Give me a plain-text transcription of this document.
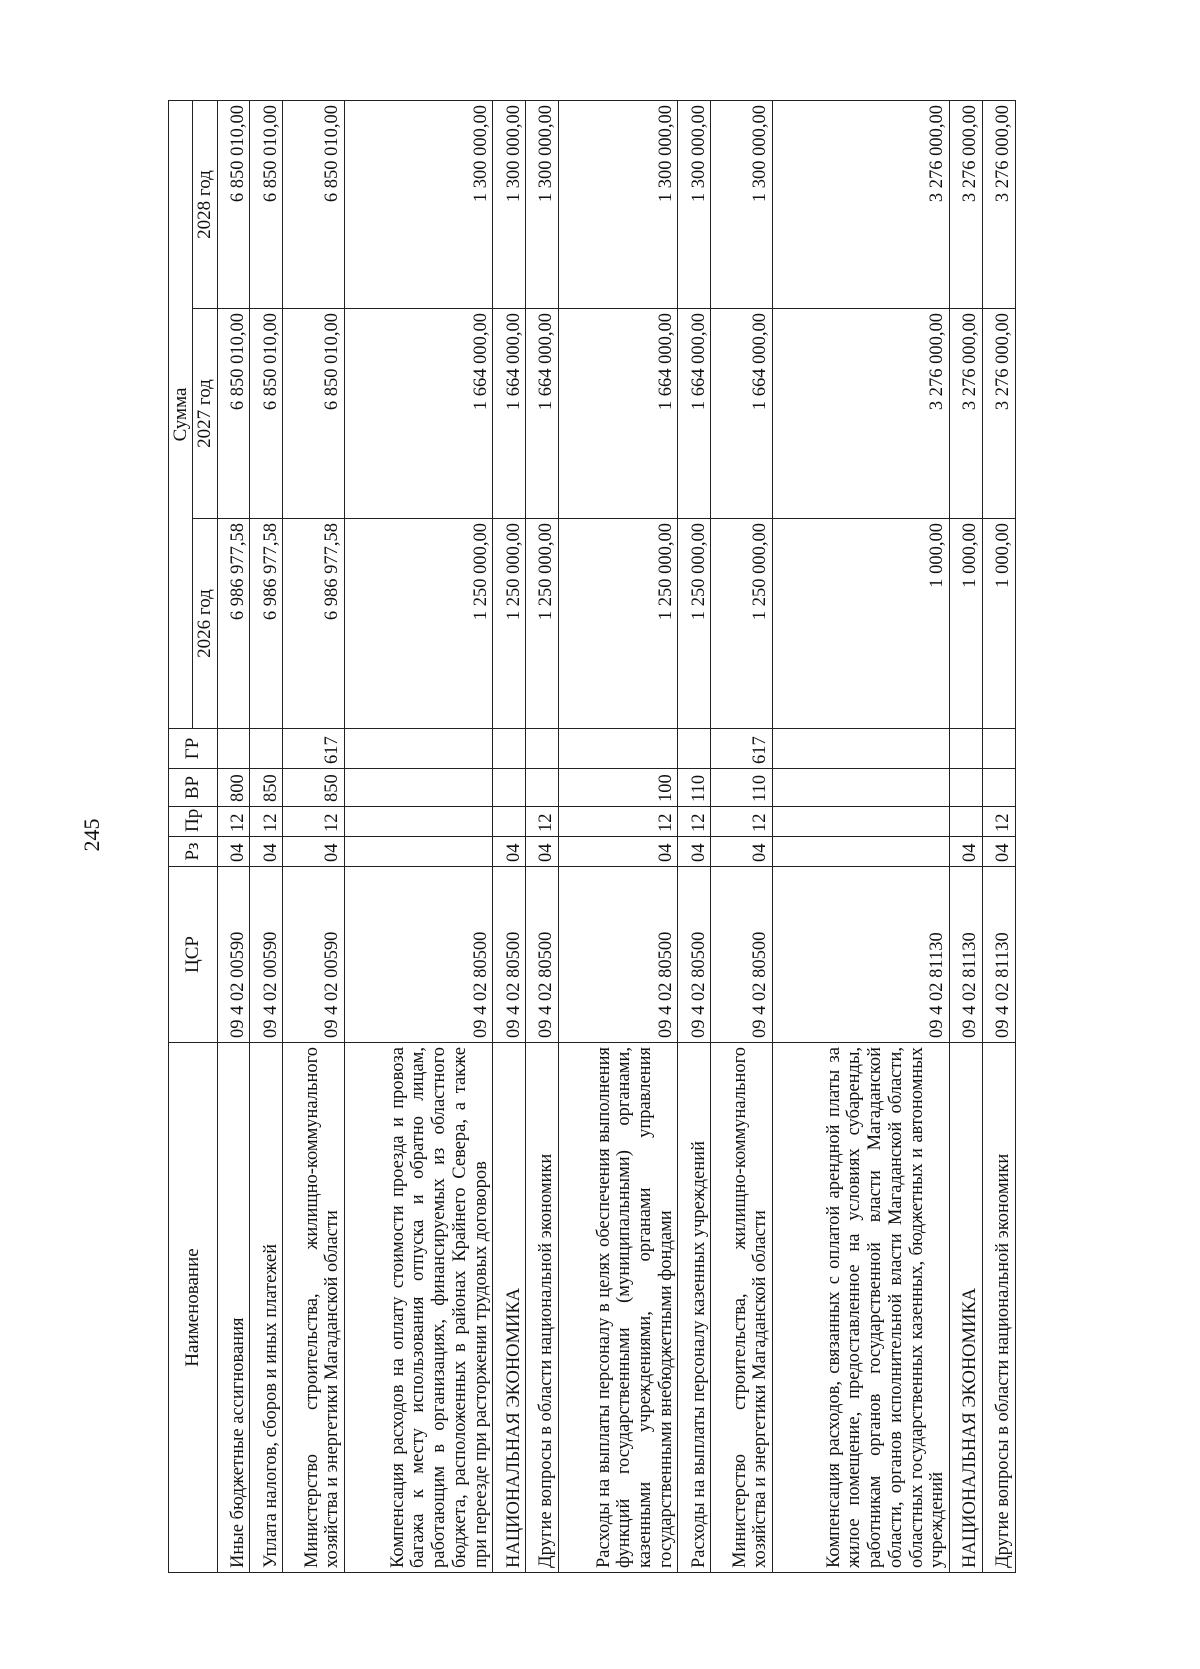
245
Наименование	ЦСР	Рз	Пр	ВР	ГР	Сумма		
						2026 год	2027 год	2028 год
Иные бюджетные ассигнования	09 4 02 00590	04	12	800		6 986 977,58	6 850 010,00	6 850 010,00
Уплата налогов, сборов и иных платежей	09 4 02 00590	04	12	850		6 986 977,58	6 850 010,00	6 850 010,00
Министерство строительства, жилищно-коммунального хозяйства и энергетики Магаданской области	09 4 02 00590	04	12	850	617	6 986 977,58	6 850 010,00	6 850 010,00
Компенсация расходов на оплату стоимости проезда и провоза багажа к месту использования отпуска и обратно лицам, работающим в организациях, финансируемых из областного бюджета, расположенных в районах Крайнего Севера, а также при переезде при расторжении трудовых договоров	09 4 02 80500					1 250 000,00	1 664 000,00	1 300 000,00
НАЦИОНАЛЬНАЯ ЭКОНОМИКА	09 4 02 80500	04				1 250 000,00	1 664 000,00	1 300 000,00
Другие вопросы в области национальной экономики	09 4 02 80500	04	12			1 250 000,00	1 664 000,00	1 300 000,00
Расходы на выплаты персоналу в целях обеспечения выполнения функций государственными (муниципальными) органами, казенными учреждениями, органами управления государственными внебюджетными фондами	09 4 02 80500	04	12	100		1 250 000,00	1 664 000,00	1 300 000,00
Расходы на выплаты персоналу казенных учреждений	09 4 02 80500	04	12	110		1 250 000,00	1 664 000,00	1 300 000,00
Министерство строительства, жилищно-коммунального хозяйства и энергетики Магаданской области	09 4 02 80500	04	12	110	617	1 250 000,00	1 664 000,00	1 300 000,00
Компенсация расходов, связанных с оплатой арендной платы за жилое помещение, предоставленное на условиях субаренды, работникам органов государственной власти Магаданской области, органов исполнительной власти Магаданской области, областных государственных казенных, бюджетных и автономных учреждений	09 4 02 81130					1 000,00	3 276 000,00	3 276 000,00
НАЦИОНАЛЬНАЯ ЭКОНОМИКА	09 4 02 81130	04				1 000,00	3 276 000,00	3 276 000,00
Другие вопросы в области национальной экономики	09 4 02 81130	04	12			1 000,00	3 276 000,00	3 276 000,00
